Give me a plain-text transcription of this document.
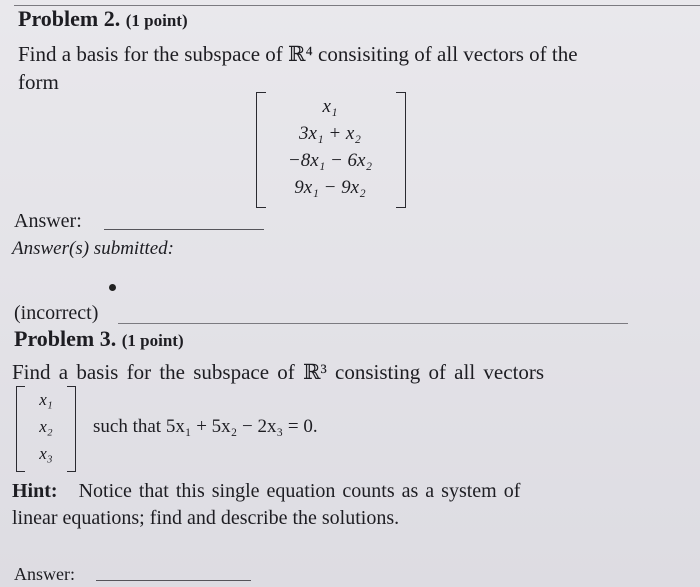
Problem 2. (1 point)
Find a basis for the subspace of ℝ⁴ consisiting of all vectors of the
form
x₁
3x₁ + x₂
−8x₁ − 6x₂
9x₁ − 9x₂
Answer:
Answer(s) submitted:
(incorrect)
Problem 3. (1 point)
Find a basis for the subspace of ℝ³ consisting of all vectors
x₁
x₂
x₃
such that 5x₁ + 5x₂ − 2x₃ = 0.
Hint: Notice that this single equation counts as a system of
linear equations; find and describe the solutions.
Answer:
